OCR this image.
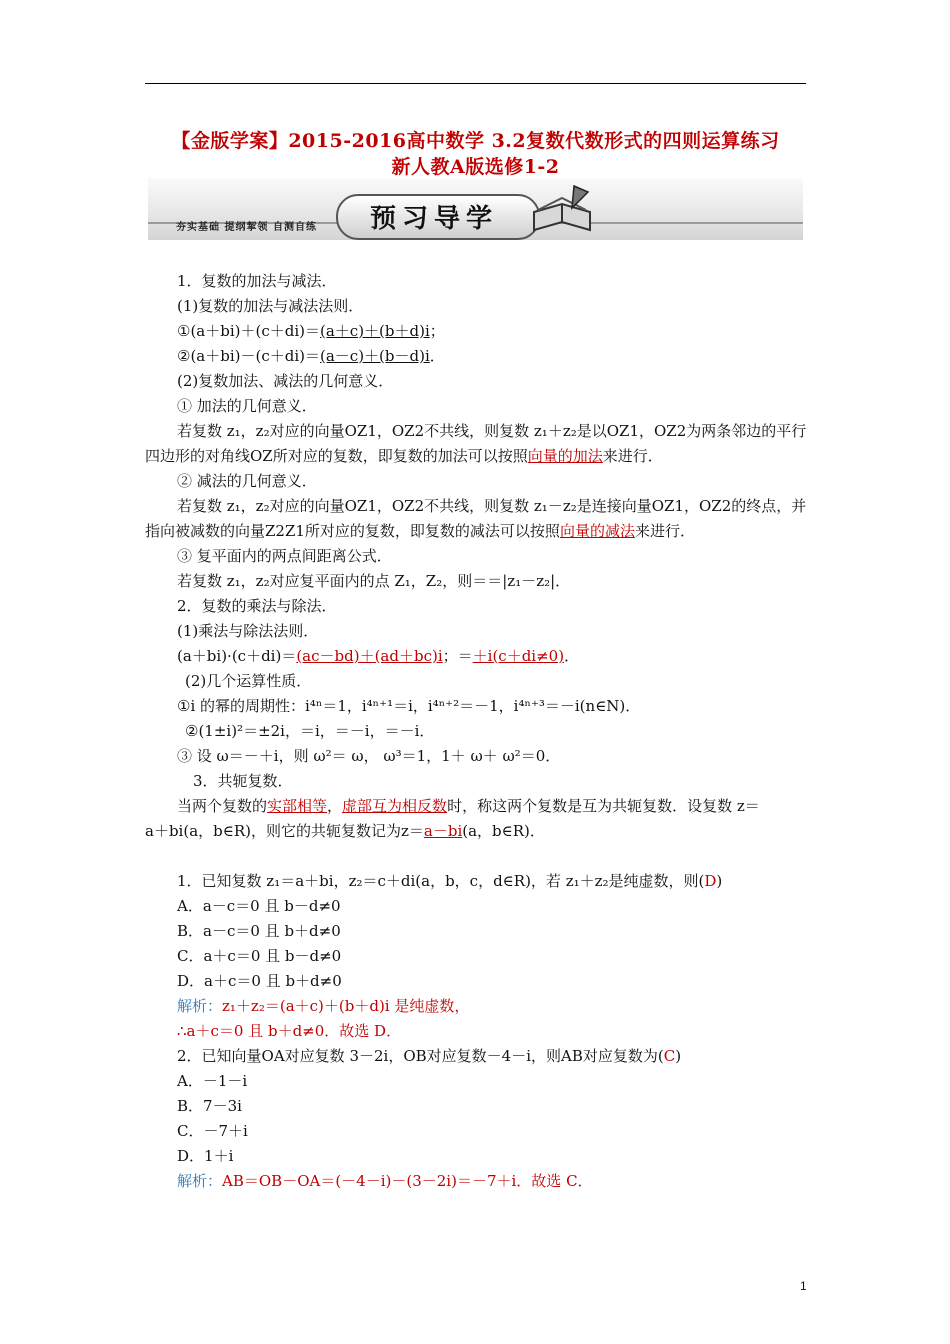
【金版学案】2015-2016高中数学 3.2复数代数形式的四则运算练习
新人教A版选修1-2
夯实基础 提纲挈领 自测自练 预习导学
1．复数的加法与减法．
(1)复数的加法与减法法则．
①(a＋bi)＋(c＋di)＝(a＋c)＋(b＋d)i；
②(a＋bi)－(c＋di)＝(a－c)＋(b－d)i．
(2)复数加法、减法的几何意义．
① 加法的几何意义．
若复数 z₁，z₂对应的向量OZ1，OZ2不共线，则复数 z₁＋z₂是以OZ1，OZ2为两条邻边的平行
四边形的对角线OZ所对应的复数，即复数的加法可以按照向量的加法来进行．
② 减法的几何意义．
若复数 z₁，z₂对应的向量OZ1，OZ2不共线，则复数 z₁－z₂是连接向量OZ1，OZ2的终点，并
指向被减数的向量Z2Z1所对应的复数，即复数的减法可以按照向量的减法来进行．
③ 复平面内的两点间距离公式．
若复数 z₁，z₂对应复平面内的点 Z₁，Z₂，则＝＝|z₁－z₂|．
2．复数的乘法与除法．
(1)乘法与除法法则．
(a＋bi)·(c＋di)＝(ac－bd)＋(ad＋bc)i；＝＋i(c＋di≠0)．
(2)几个运算性质．
①i 的幂的周期性：i⁴ⁿ＝1，i⁴ⁿ⁺¹＝i，i⁴ⁿ⁺²＝－1，i⁴ⁿ⁺³＝－i(n∈N)．
②(1±i)²＝±2i，＝i，＝－i，＝－i．
③ 设 ω＝－＋i，则 ω²＝ ω， ω³＝1，1＋ ω＋ ω²＝0．
3．共轭复数．
当两个复数的实部相等，虚部互为相反数时，称这两个复数是互为共轭复数．设复数 z＝
a＋bi(a，b∈R)，则它的共轭复数记为z＝a－bi(a，b∈R)．
1．已知复数 z₁＝a＋bi，z₂＝c＋di(a，b，c，d∈R)，若 z₁＋z₂是纯虚数，则(D)
A．a－c＝0 且 b－d≠0
B．a－c＝0 且 b＋d≠0
C．a＋c＝0 且 b－d≠0
D．a＋c＝0 且 b＋d≠0
解析：z₁＋z₂＝(a＋c)＋(b＋d)i 是纯虚数，
∴a＋c＝0 且 b＋d≠0．故选 D．
2．已知向量OA对应复数 3－2i，OB对应复数－4－i，则AB对应复数为(C)
A．－1－i
B．7－3i
C．－7＋i
D．1＋i
解析：AB＝OB－OA＝(－4－i)－(3－2i)＝－7＋i．故选 C．
1
